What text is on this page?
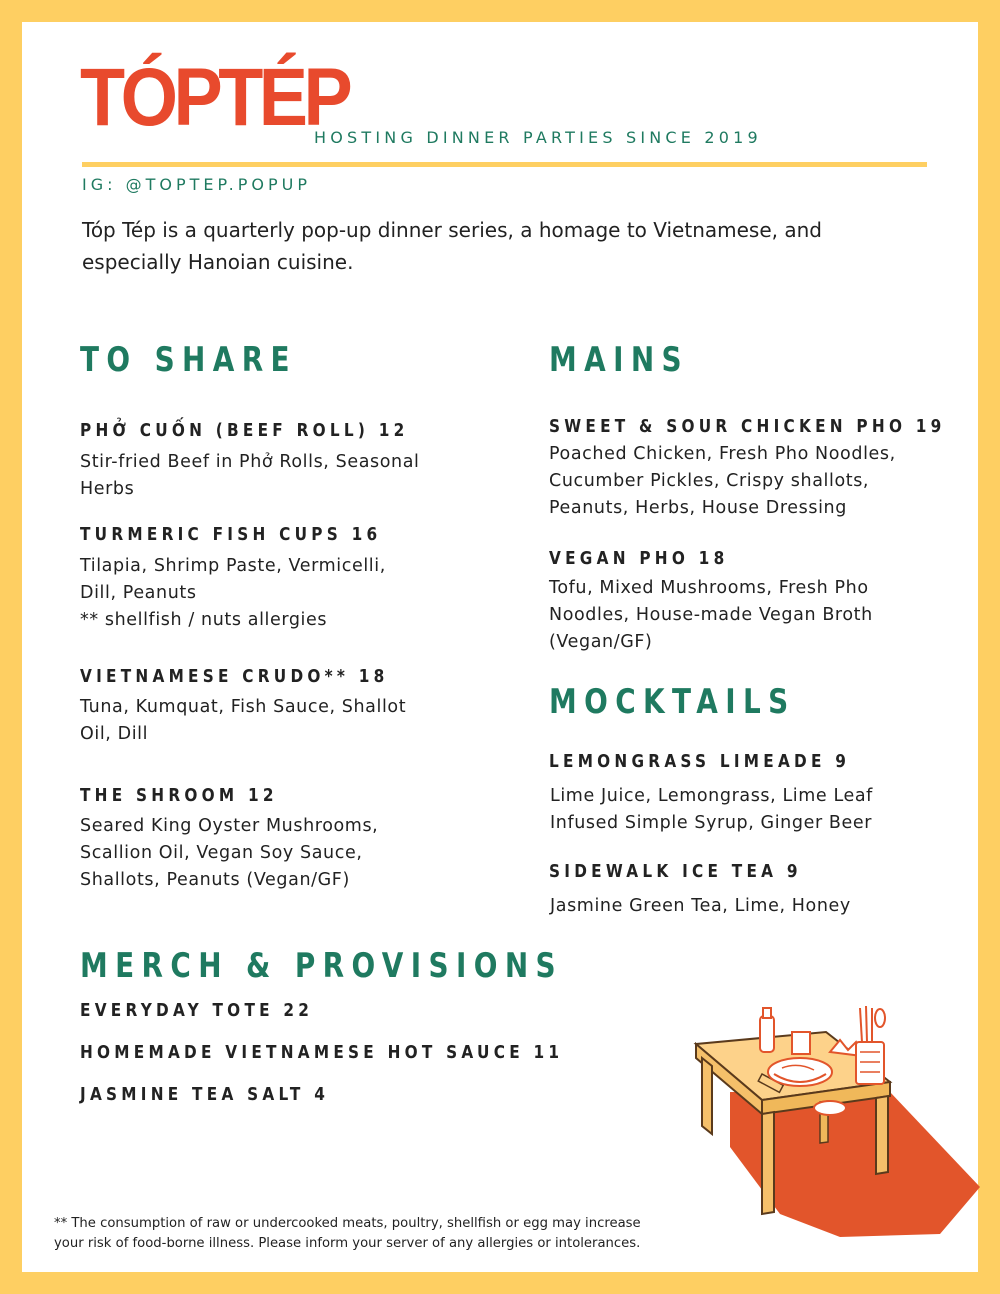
TÓPTÉP
HOSTING DINNER PARTIES SINCE 2019
IG: @TOPTEP.POPUP
Tóp Tép is a quarterly pop-up dinner series, a homage to Vietnamese, and especially Hanoian cuisine.
TO SHARE
PHỞ CUỐN (BEEF ROLL) 12
Stir-fried Beef in Phở Rolls, Seasonal
Herbs
TURMERIC FISH CUPS 16
Tilapia, Shrimp Paste, Vermicelli,
Dill, Peanuts
** shellfish / nuts allergies
VIETNAMESE CRUDO** 18
Tuna, Kumquat, Fish Sauce, Shallot
Oil, Dill
THE SHROOM 12
Seared King Oyster Mushrooms,
Scallion Oil, Vegan Soy Sauce,
Shallots, Peanuts (Vegan/GF)
MAINS
SWEET & SOUR CHICKEN PHO 19
Poached Chicken, Fresh Pho Noodles,
Cucumber Pickles, Crispy shallots,
Peanuts, Herbs, House Dressing
VEGAN PHO 18
Tofu, Mixed Mushrooms, Fresh Pho
Noodles, House-made Vegan Broth
(Vegan/GF)
MOCKTAILS
LEMONGRASS LIMEADE 9
Lime Juice, Lemongrass, Lime Leaf
Infused Simple Syrup, Ginger Beer
SIDEWALK ICE TEA 9
Jasmine Green Tea, Lime, Honey
MERCH & PROVISIONS
EVERYDAY TOTE 22
HOMEMADE VIETNAMESE HOT SAUCE 11
JASMINE TEA SALT 4
** The consumption of raw or undercooked meats, poultry, shellfish or egg may increase
your risk of food-borne illness. Please inform your server of any allergies or intolerances.
